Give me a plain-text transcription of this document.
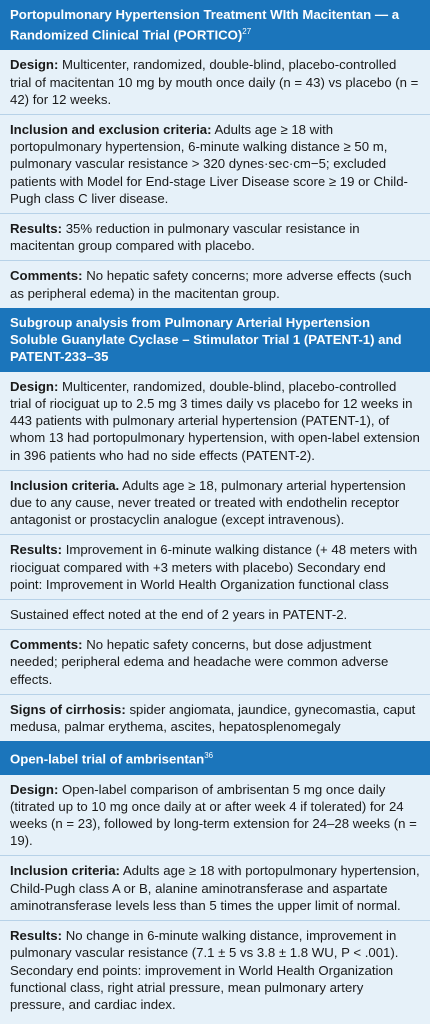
Portopulmonary Hypertension Treatment WIth Macitentan — a Randomized Clinical Trial (PORTICO)$^{27}$
Design: Multicenter, randomized, double-blind, placebo-controlled trial of macitentan 10 mg by mouth once daily (n = 43) vs placebo (n = 42) for 12 weeks.
Inclusion and exclusion criteria: Adults age ≥ 18 with portopulmonary hypertension, 6-minute walking distance ≥ 50 m, pulmonary vascular resistance > 320 dynes·sec·cm−5; excluded patients with Model for End-stage Liver Disease score ≥ 19 or Child-Pugh class C liver disease.
Results: 35% reduction in pulmonary vascular resistance in macitentan group compared with placebo.
Comments: No hepatic safety concerns; more adverse effects (such as peripheral edema) in the macitentan group.
Subgroup analysis from Pulmonary Arterial Hypertension Soluble Guanylate Cyclase – Stimulator Trial 1 (PATENT-1) and PATENT-233–35
Design: Multicenter, randomized, double-blind, placebo-controlled trial of riociguat up to 2.5 mg 3 times daily vs placebo for 12 weeks in 443 patients with pulmonary arterial hypertension (PATENT-1), of whom 13 had portopulmonary hypertension, with open-label extension in 396 patients who had no side effects (PATENT-2).
Inclusion criteria. Adults age ≥ 18, pulmonary arterial hypertension due to any cause, never treated or treated with endothelin receptor antagonist or prostacyclin analogue (except intravenous).
Results: Improvement in 6-minute walking distance (+ 48 meters with riociguat compared with +3 meters with placebo) Secondary end point: Improvement in World Health Organization functional class
Sustained effect noted at the end of 2 years in PATENT-2.
Comments: No hepatic safety concerns, but dose adjustment needed; peripheral edema and headache were common adverse effects.
Signs of cirrhosis: spider angiomata, jaundice, gynecomastia, caput medusa, palmar erythema, ascites, hepatosplenomegaly
Open-label trial of ambrisentan$^{36}$
Design: Open-label comparison of ambrisentan 5 mg once daily (titrated up to 10 mg once daily at or after week 4 if tolerated) for 24 weeks (n = 23), followed by long-term extension for 24–28 weeks (n = 19).
Inclusion criteria: Adults age ≥ 18 with portopulmonary hypertension, Child-Pugh class A or B, alanine aminotransferase and aspartate aminotransferase levels less than 5 times the upper limit of normal.
Results: No change in 6-minute walking distance, improvement in pulmonary vascular resistance (7.1 ± 5 vs 3.8 ± 1.8 WU, P < .001). Secondary end points: improvement in World Health Organization functional class, right atrial pressure, mean pulmonary artery pressure, and cardiac index.
